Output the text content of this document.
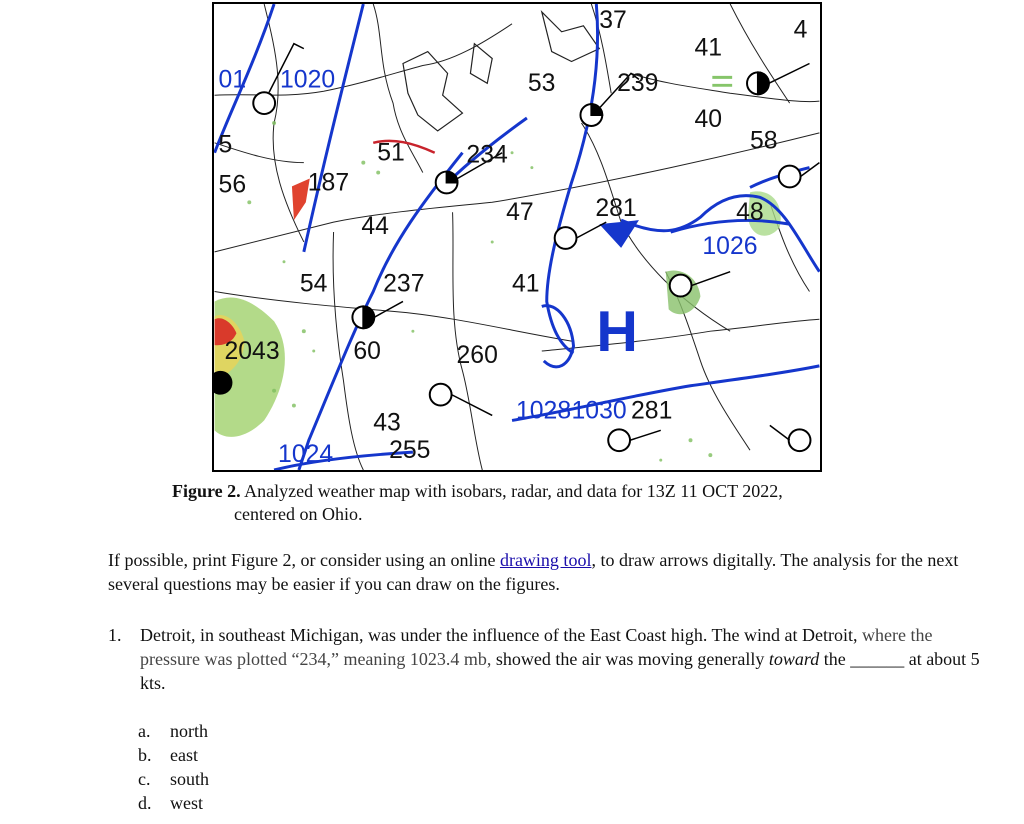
H
01 1020
5
56 187
51 234
44
47
53 239
41
40
58
281	48
1026
54 237	41
2043	60	260
43	1028 1030 281
1024 255
37	4
Figure 2. Analyzed weather map with isobars, radar, and data for 13Z 11 OCT 2022,
centered on Ohio.
If possible, print Figure 2, or consider using an online drawing tool, to draw arrows digitally. The analysis for the next several questions may be easier if you can draw on the figures.
1. Detroit, in southeast Michigan, was under the influence of the East Coast high. The wind at Detroit, where the pressure was plotted “234,” meaning 1023.4 mb, showed the air was moving generally toward the ______ at about 5 kts.
a. north
b. east
c. south
d. west
